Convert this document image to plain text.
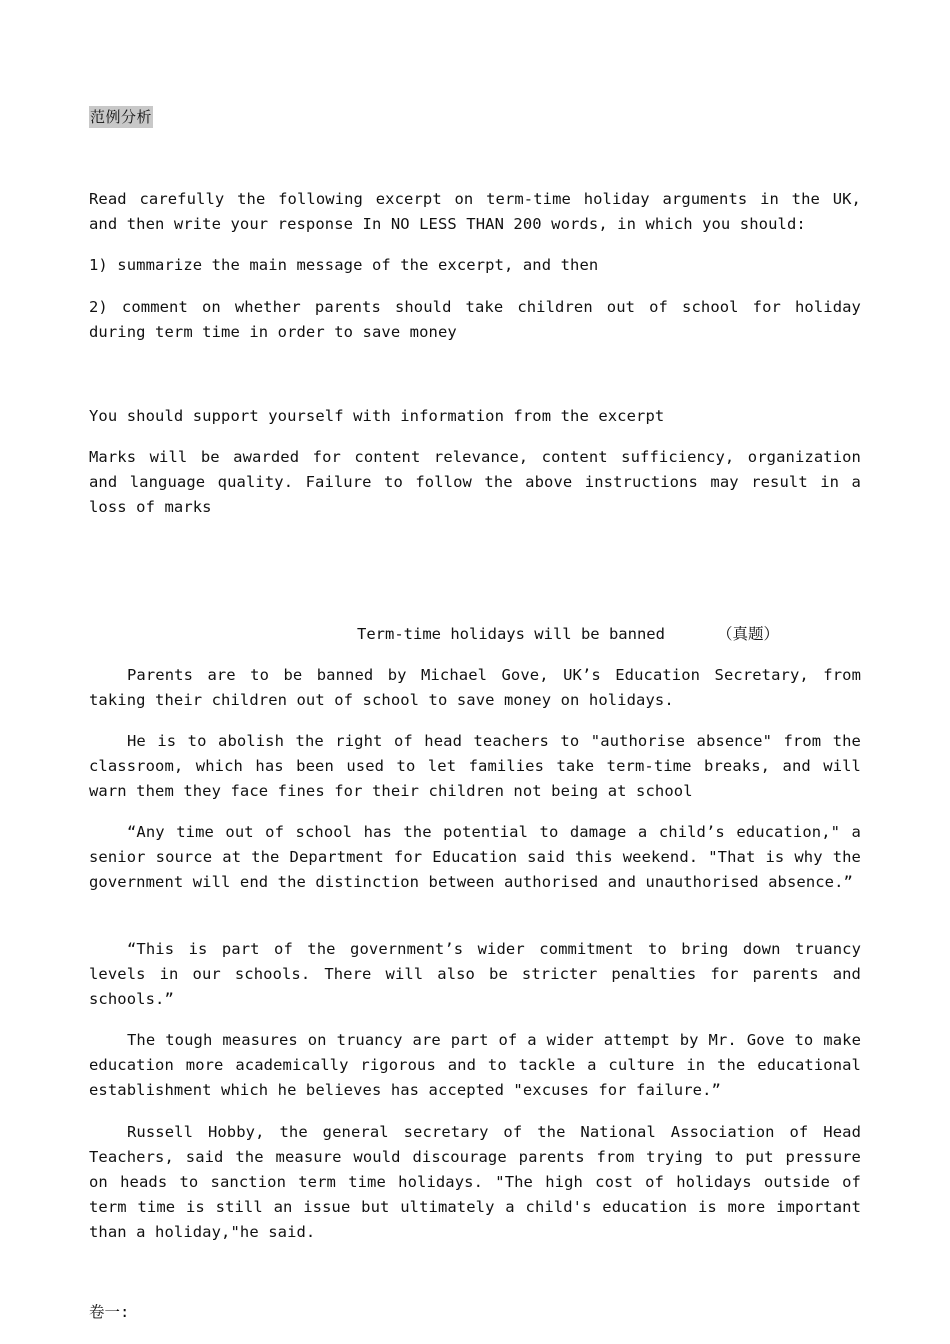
范例分析

Read carefully the following excerpt on term-time holiday arguments in the UK, and then write your response In NO LESS THAN 200 words, in which you should:

1) summarize the main message of the excerpt, and then

2) comment on whether parents should take children out of school for holiday during term time in order to save money

You should support yourself with information from the excerpt

Marks will be awarded for content relevance, content sufficiency, organization and language quality. Failure to follow the above instructions may result in a loss of marks

Term-time holidays will be banned	（真题）

Parents are to be banned by Michael Gove, UK’s Education Secretary, from taking their children out of school to save money on holidays.

He is to abolish the right of head teachers to "authorise absence" from the classroom, which has been used to let families take term-time breaks, and will warn them they face fines for their children not being at school

“Any time out of school has the potential to damage a child’s education," a senior source at the Department for Education said this weekend. "That is why the government will end the distinction between authorised and unauthorised absence.”

“This is part of the government’s wider commitment to bring down truancy levels in our schools. There will also be stricter penalties for parents and schools.”

The tough measures on truancy are part of a wider attempt by Mr. Gove to make education more academically rigorous and to tackle a culture in the educational establishment which he believes has accepted "excuses for failure.”

Russell Hobby, the general secretary of the National Association of Head Teachers, said the measure would discourage parents from trying to put pressure on heads to sanction term time holidays. "The high cost of holidays outside of term time is still an issue but ultimately a child's education is more important than a holiday,"he said.

卷一:
